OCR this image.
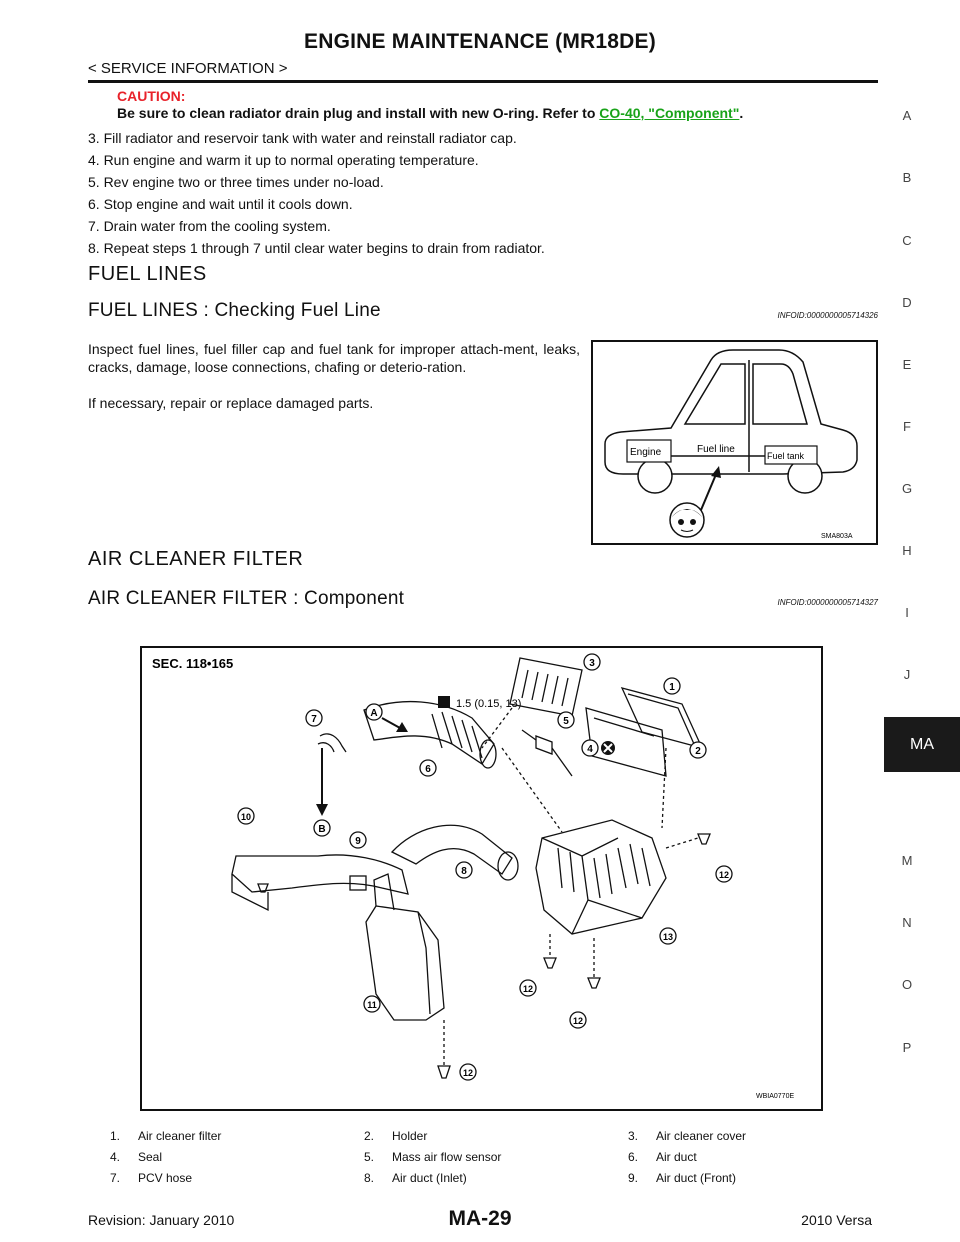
ENGINE MAINTENANCE (MR18DE)
< SERVICE INFORMATION >
CAUTION:
Be sure to clean radiator drain plug and install with new O-ring. Refer to CO-40, "Component".
3. Fill radiator and reservoir tank with water and reinstall radiator cap.
4. Run engine and warm it up to normal operating temperature.
5. Rev engine two or three times under no-load.
6. Stop engine and wait until it cools down.
7. Drain water from the cooling system.
8. Repeat steps 1 through 7 until clear water begins to drain from radiator.
FUEL LINES
FUEL LINES : Checking Fuel Line	INFOID:0000000005714326
Inspect fuel lines, fuel filler cap and fuel tank for improper attach-ment, leaks, cracks, damage, loose connections, chafing or deterio-ration.
If necessary, repair or replace damaged parts.
Engine	Fuel line
Fuel tank
SMA803A
AIR CLEANER FILTER
AIR CLEANER FILTER : Component	INFOID:0000000005714327
SEC. 118•165
1.5 (0.15, 13)
1
2
3
4
5
6
7
8
9
10
11
12
12
12
12
13
A
B
WBIA0770E
1.	Air cleaner filter	2.	Holder	3.	Air cleaner cover
4.	Seal	5.	Mass air flow sensor	6.	Air duct
7.	PCV hose	8.	Air duct (Inlet)	9.	Air duct (Front)
A
B
C
D
E
F
G
H
I
J
MA
M
N
O
P
Revision: January 2010	MA-29	2010 Versa
